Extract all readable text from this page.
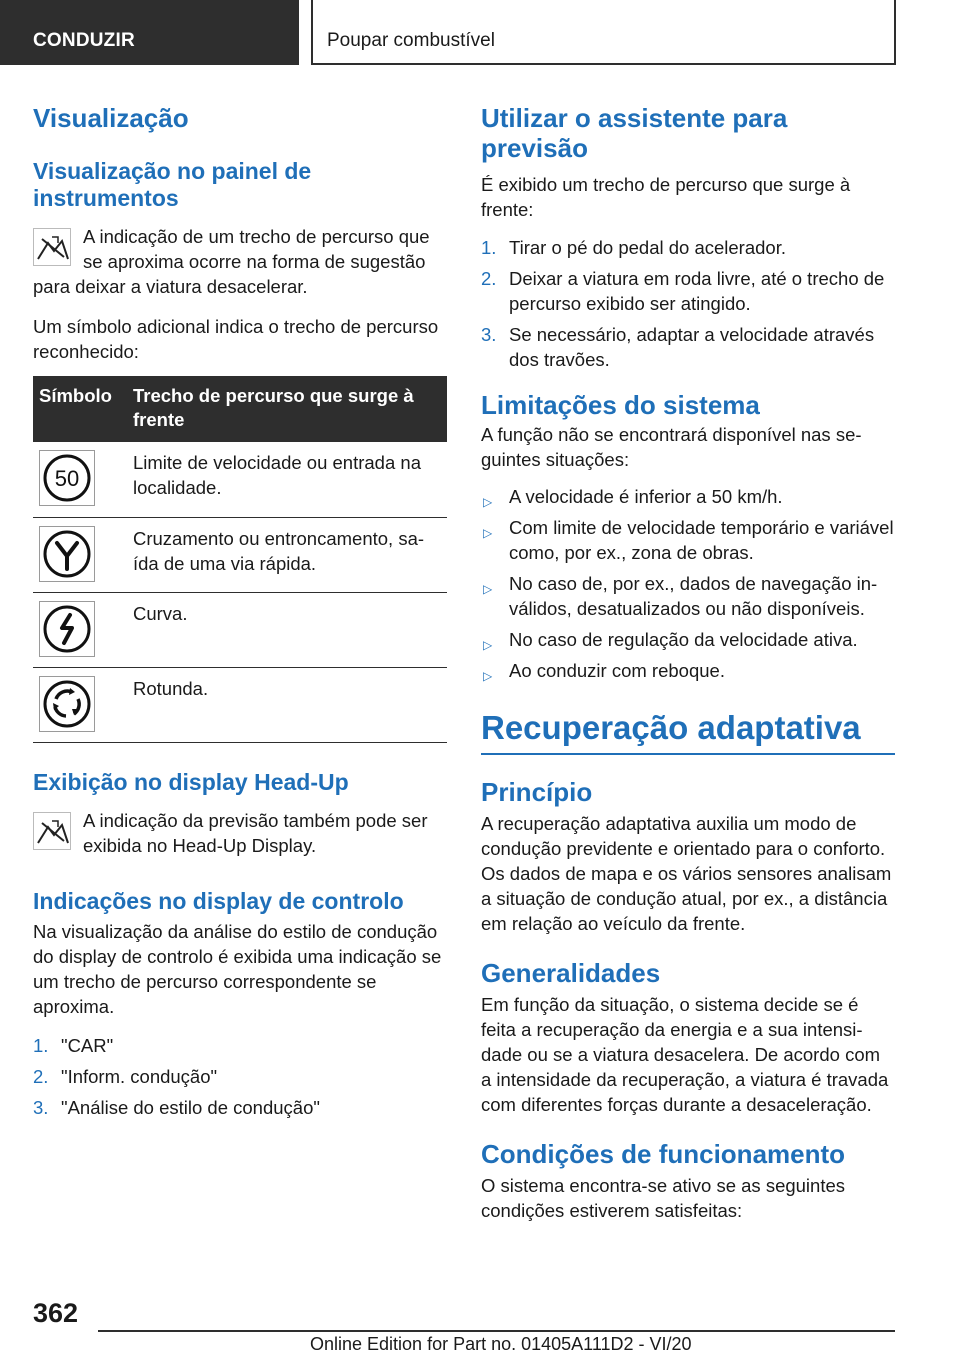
CONDUZIR	Poupar combustível
Visualização
Visualização no painel de instrumentos

A indicação de um trecho de percurso que se aproxima ocorre na forma de sugestão para deixar a viatura desacelerar.

Um símbolo adicional indica o trecho de percurso reconhecido:

Símbolo	Trecho de percurso que surge à frente

50	Limite de velocidade ou entrada na localidade.

	Cruzamento ou entroncamento, saída de uma via rápida.

	Curva.

	Rotunda.
Exibição no display Head-Up

A indicação da previsão também pode ser exibida no Head-Up Display.

Indicações no display de controlo

Na visualização da análise do estilo de condução do display de controlo é exibida uma indicação se um trecho de percurso correspondente se aproxima.

1. "CAR"
2. "Inform. condução"
3. "Análise do estilo de condução"
Utilizar o assistente para previsão

É exibido um trecho de percurso que surge à frente:

1. Tirar o pé do pedal do acelerador.
2. Deixar a viatura em roda livre, até o trecho de percurso exibido ser atingido.
3. Se necessário, adaptar a velocidade através dos travões.
Limitações do sistema

A função não se encontrará disponível nas seguintes situações:

▷ A velocidade é inferior a 50 km/h.
▷ Com limite de velocidade temporário e variável como, por ex., zona de obras.
▷ No caso de, por ex., dados de navegação inválidos, desatualizados ou não disponíveis.
▷ No caso de regulação da velocidade ativa.
▷ Ao conduzir com reboque.
Recuperação adaptativa
Princípio

A recuperação adaptativa auxilia um modo de condução previdente e orientado para o conforto. Os dados de mapa e os vários sensores analisam a situação de condução atual, por ex., a distância em relação ao veículo da frente.

Generalidades

Em função da situação, o sistema decide se é feita a recuperação da energia e a sua intensidade ou se a viatura desacelera. De acordo com a intensidade da recuperação, a viatura é travada com diferentes forças durante a desaceleração.

Condições de funcionamento

O sistema encontra-se ativo se as seguintes condições estiverem satisfeitas:

362
Online Edition for Part no. 01405A111D2 - VI/20
